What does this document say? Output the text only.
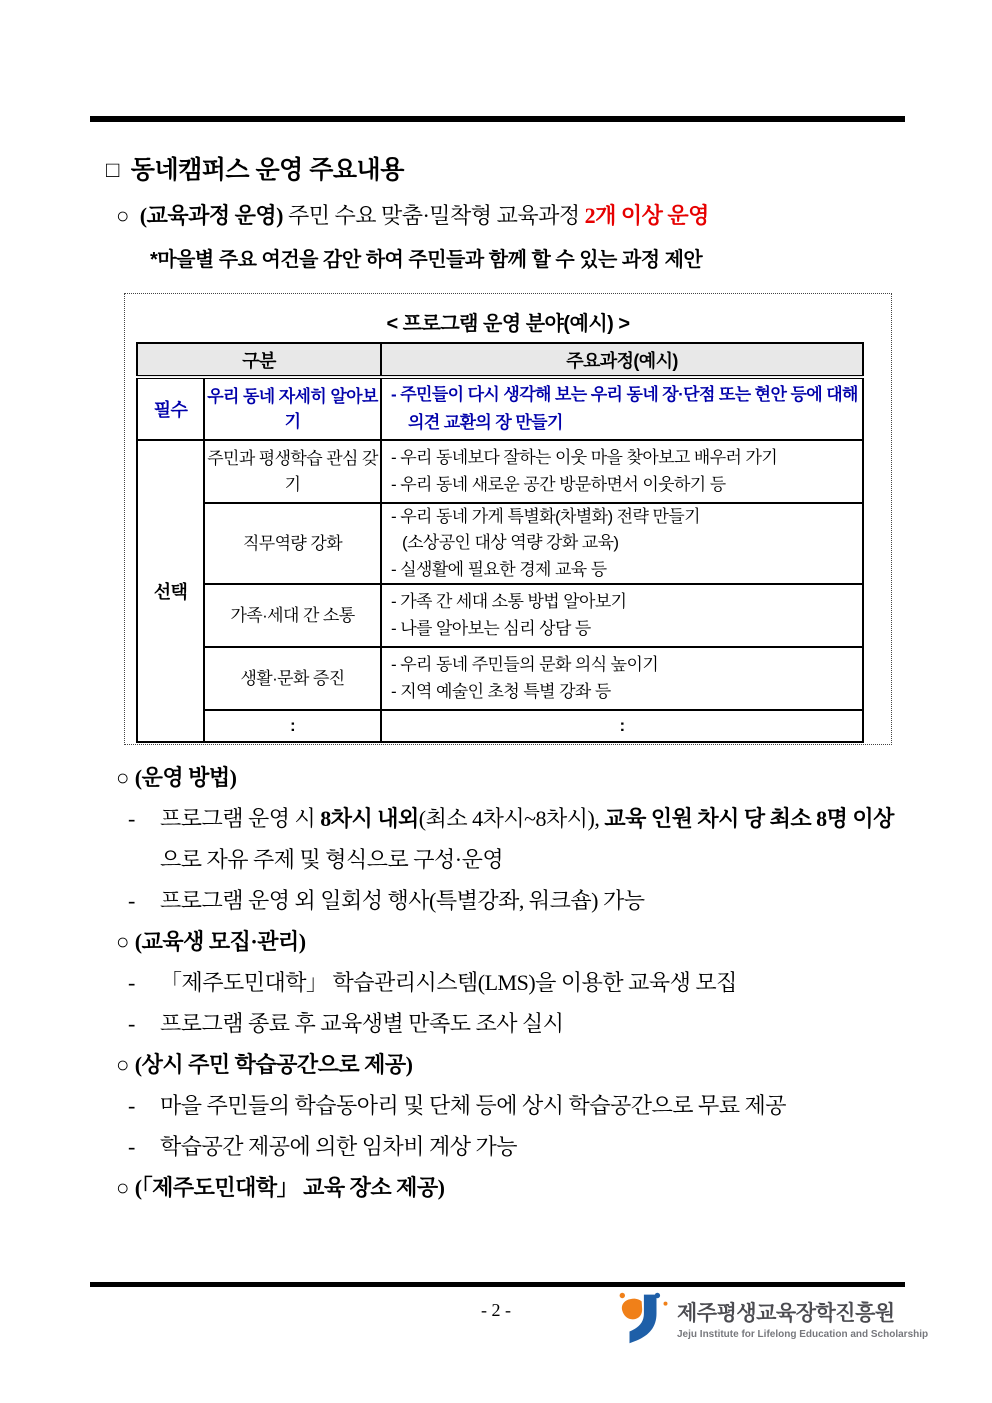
□ 동네캠퍼스 운영 주요내용
○ (교육과정 운영) 주민 수요 맞춤·밀착형 교육과정 2개 이상 운영
*마을별 주요 여건을 감안 하여 주민들과 함께 할 수 있는 과정 제안
< 프로그램 운영 분야(예시) >
구분		주요과정(예시)
필수	우리 동네 자세히 알아보기	- 주민들이 다시 생각해 보는 우리 동네 장·단점 또는 현안 등에 대해 의견 교환의 장 만들기

선택	주민과 평생학습 관심 갖기	- 우리 동네보다 잘하는 이웃 마을 찾아보고 배우러 가기
- 우리 동네 새로운 공간 방문하면서 이웃하기 등

	직무역량 강화	- 우리 동네 가게 특별화(차별화) 전략 만들기
(소상공인 대상 역량 강화 교육)
- 실생활에 필요한 경제 교육 등

	가족·세대 간 소통	- 가족 간 세대 소통 방법 알아보기
- 나를 알아보는 심리 상담 등

	생활·문화 증진	- 우리 동네 주민들의 문화 의식 높이기
- 지역 예술인 초청 특별 강좌 등

	:	:
○ (운영 방법)
-	프로그램 운영 시 8차시 내외(최소 4차시~8차시), 교육 인원 차시 당 최소 8명 이상으로 자유 주제 및 형식으로 구성·운영
-	프로그램 운영 외 일회성 행사(특별강좌, 워크숍) 가능
○ (교육생 모집·관리)
-	「제주도민대학」 학습관리시스템(LMS)을 이용한 교육생 모집
-	프로그램 종료 후 교육생별 만족도 조사 실시
○ (상시 주민 학습공간으로 제공)
-	마을 주민들의 학습동아리 및 단체 등에 상시 학습공간으로 무료 제공
-	학습공간 제공에 의한 임차비 계상 가능
○ (「제주도민대학」 교육 장소 제공)
- 2 -	제주평생교육장학진흥원
Jeju Institute for Lifelong Education and Scholarship
